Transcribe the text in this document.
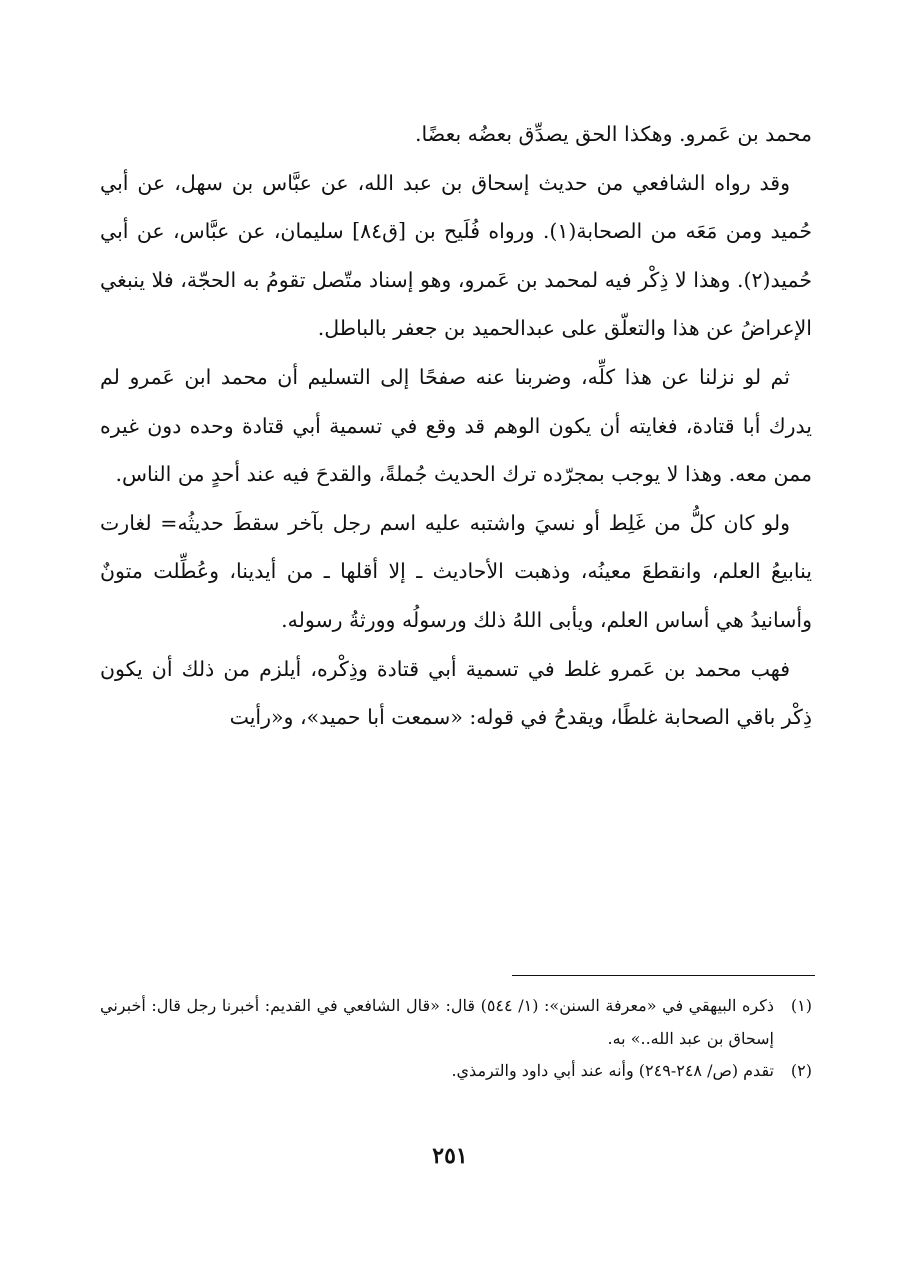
محمد بن عَمرو. وهكذا الحق يصدِّق بعضُه بعضًا.

وقد رواه الشافعي من حديث إسحاق بن عبد الله، عن عبَّاس بن سهل، عن أبي حُميد ومن مَعَه من الصحابة(١). ورواه فُلَيح بن [ق٨٤] سليمان، عن عبَّاس، عن أبي حُميد(٢). وهذا لا ذِكْر فيه لمحمد بن عَمرو، وهو إسناد متّصل تقومُ به الحجّة، فلا ينبغي الإعراضُ عن هذا والتعلّق على عبدالحميد بن جعفر بالباطل.

ثم لو نزلنا عن هذا كلِّه، وضربنا عنه صفحًا إلى التسليم أن محمد ابن عَمرو لم يدرك أبا قتادة، فغايته أن يكون الوهم قد وقع في تسمية أبي قتادة وحده دون غيره ممن معه. وهذا لا يوجب بمجرّده ترك الحديث جُملةً، والقدحَ فيه عند أحدٍ من الناس.

ولو كان كلُّ من غَلِط أو نسيَ واشتبه عليه اسم رجل بآخر سقطَ حديثُه= لغارت ينابيعُ العلم، وانقطعَ معينُه، وذهبت الأحاديث ـ إلا أقلها ـ من أيدينا، وعُطِّلت متونٌ وأسانيدُ هي أساس العلم، ويأبى اللهُ ذلك ورسولُه وورثةُ رسوله.

فهب محمد بن عَمرو غلط في تسمية أبي قتادة وذِكْره، أيلزم من ذلك أن يكون ذِكْر باقي الصحابة غلطًا، ويقدحُ في قوله: «سمعت أبا حميد»، و«رأيت

(١)
ذكره البيهقي في «معرفة السنن»: (١/ ٥٤٤) قال: «قال الشافعي في القديم: أخبرنا رجل قال: أخبرني إسحاق بن عبد الله..» به.
(٢)
تقدم (ص/ ٢٤٨-٢٤٩) وأنه عند أبي داود والترمذي.
٢٥١
